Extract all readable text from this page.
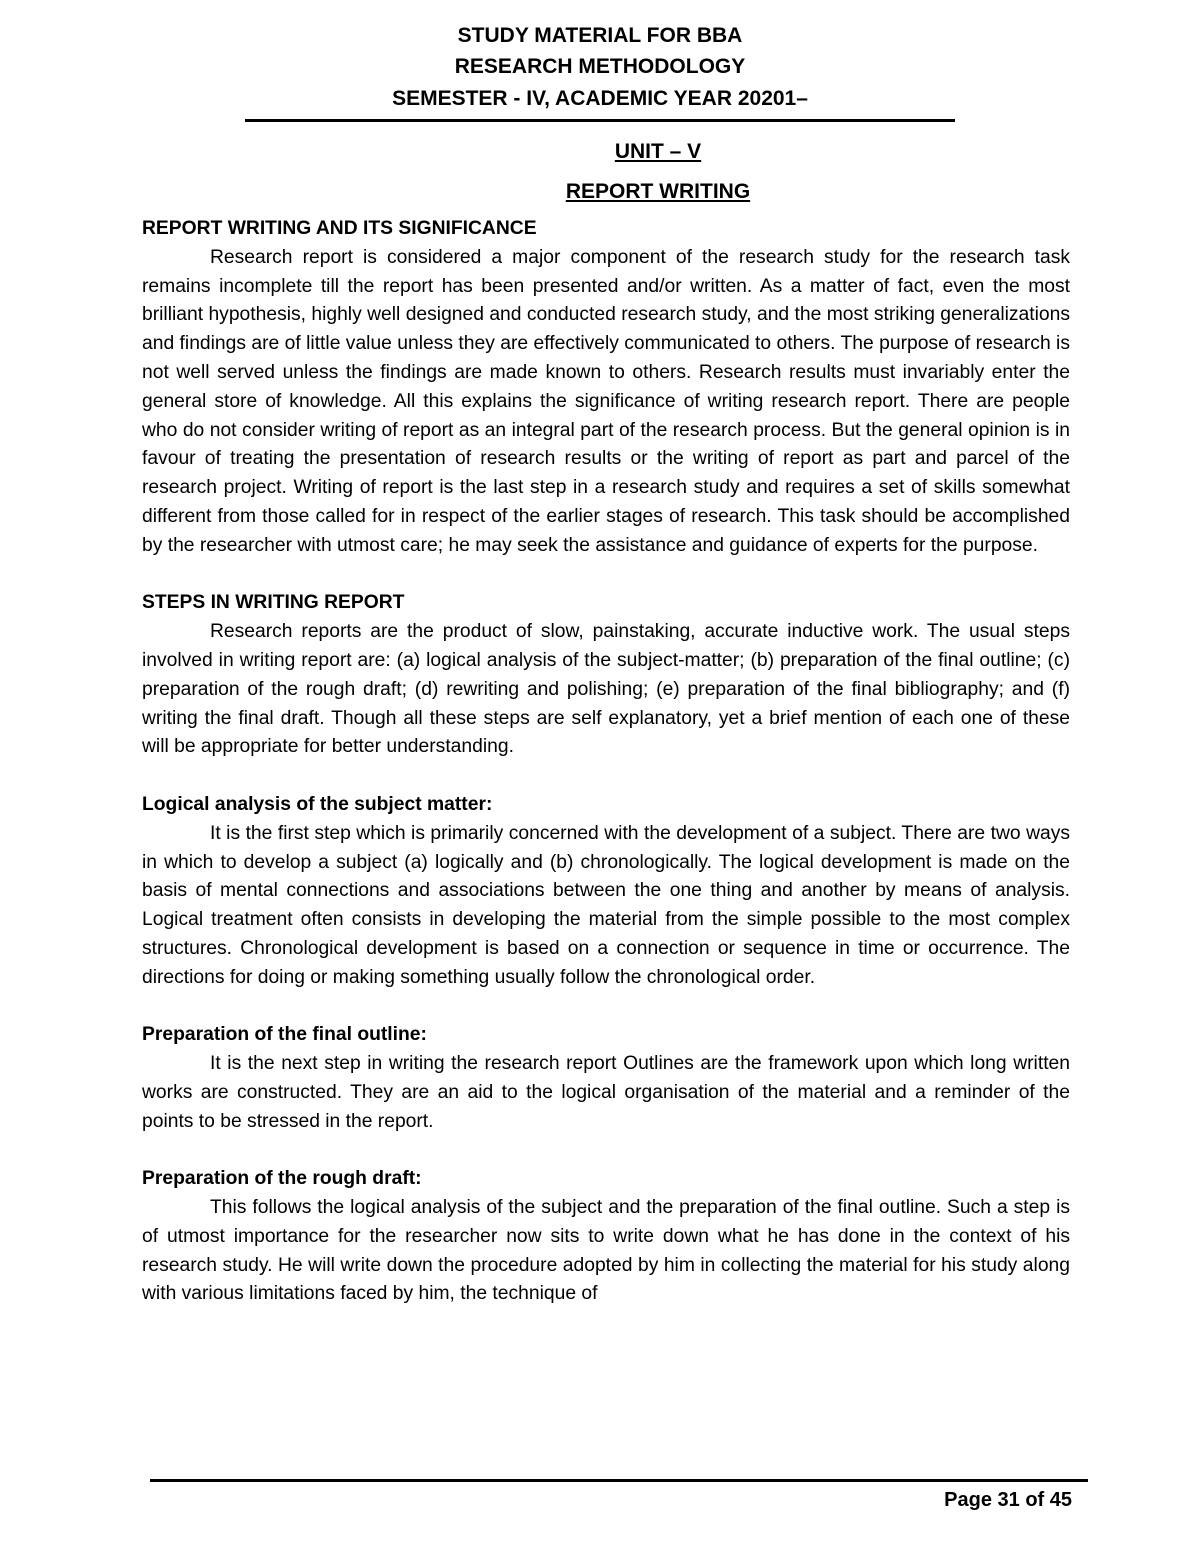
STUDY MATERIAL FOR BBA
RESEARCH METHODOLOGY
SEMESTER - IV, ACADEMIC YEAR 20201–
UNIT – V
REPORT WRITING
REPORT WRITING AND ITS SIGNIFICANCE

Research report is considered a major component of the research study for the research task remains incomplete till the report has been presented and/or written. As a matter of fact, even the most brilliant hypothesis, highly well designed and conducted research study, and the most striking generalizations and findings are of little value unless they are effectively communicated to others. The purpose of research is not well served unless the findings are made known to others. Research results must invariably enter the general store of knowledge. All this explains the significance of writing research report. There are people who do not consider writing of report as an integral part of the research process. But the general opinion is in favour of treating the presentation of research results or the writing of report as part and parcel of the research project. Writing of report is the last step in a research study and requires a set of skills somewhat different from those called for in respect of the earlier stages of research. This task should be accomplished by the researcher with utmost care; he may seek the assistance and guidance of experts for the purpose.

STEPS IN WRITING REPORT

Research reports are the product of slow, painstaking, accurate inductive work. The usual steps involved in writing report are: (a) logical analysis of the subject-matter; (b) preparation of the final outline; (c) preparation of the rough draft; (d) rewriting and polishing; (e) preparation of the final bibliography; and (f) writing the final draft. Though all these steps are self explanatory, yet a brief mention of each one of these will be appropriate for better understanding.

Logical analysis of the subject matter:

It is the first step which is primarily concerned with the development of a subject. There are two ways in which to develop a subject (a) logically and (b) chronologically. The logical development is made on the basis of mental connections and associations between the one thing and another by means of analysis. Logical treatment often consists in developing the material from the simple possible to the most complex structures. Chronological development is based on a connection or sequence in time or occurrence. The directions for doing or making something usually follow the chronological order.

Preparation of the final outline:

It is the next step in writing the research report Outlines are the framework upon which long written works are constructed. They are an aid to the logical organisation of the material and a reminder of the points to be stressed in the report.

Preparation of the rough draft:

This follows the logical analysis of the subject and the preparation of the final outline. Such a step is of utmost importance for the researcher now sits to write down what he has done in the context of his research study. He will write down the procedure adopted by him in collecting the material for his study along with various limitations faced by him, the technique of

Page 31 of 45
